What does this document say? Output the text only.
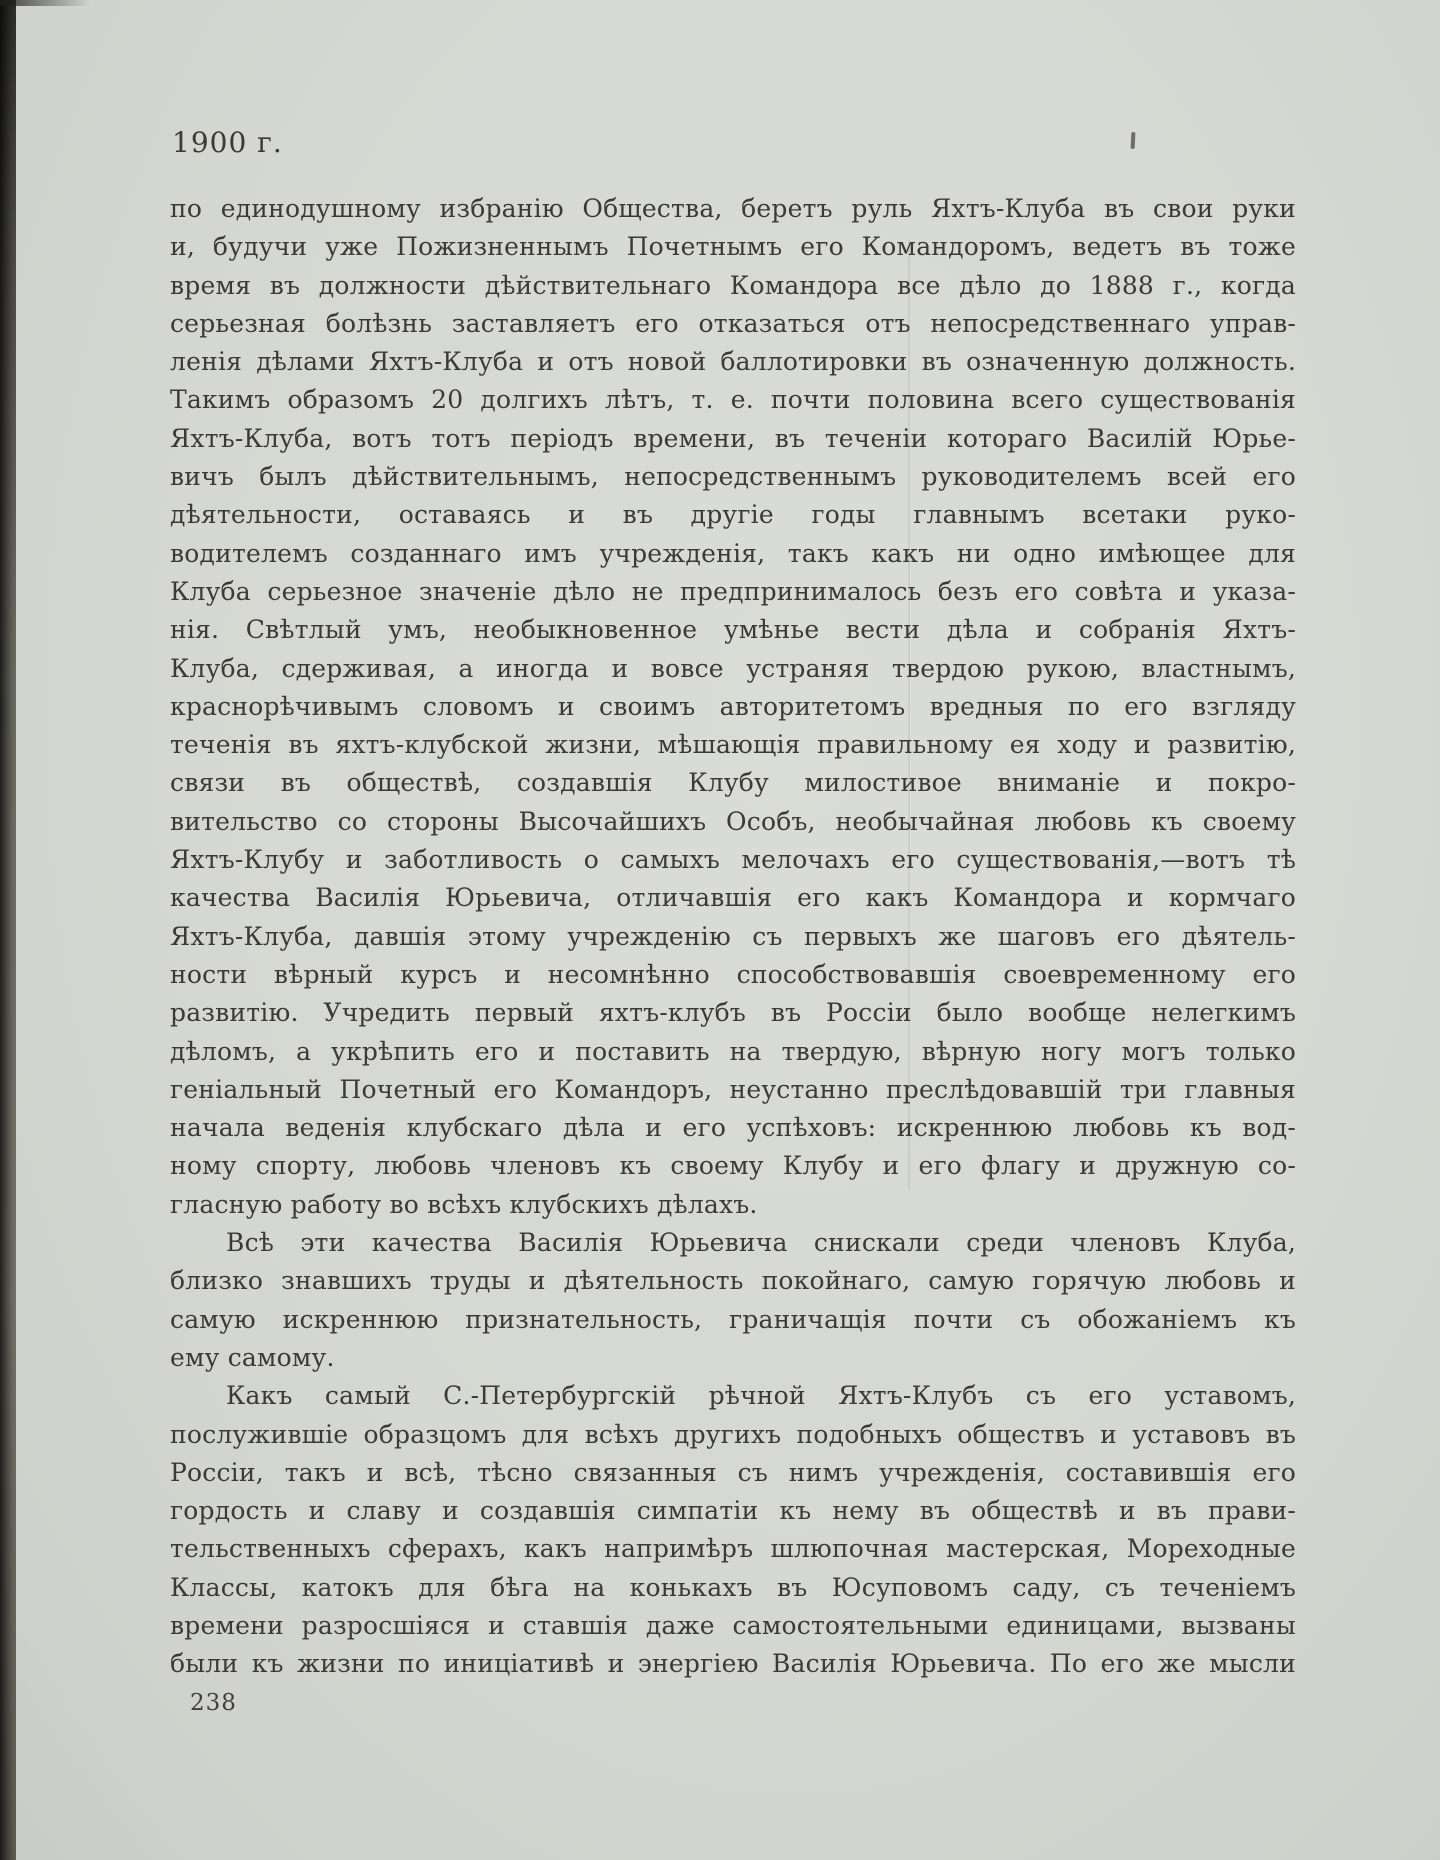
1900 г.
по единодушному избранію Общества, беретъ руль Яхтъ-Клуба въ свои руки
и, будучи уже Пожизненнымъ Почетнымъ его Командоромъ, ведетъ въ тоже
время въ должности дѣйствительнаго Командора все дѣло до 1888 г., когда
серьезная болѣзнь заставляетъ его отказаться отъ непосредственнаго управ-
ленія дѣлами Яхтъ-Клуба и отъ новой баллотировки въ означенную должность.
Такимъ образомъ 20 долгихъ лѣтъ, т. е. почти половина всего существованія
Яхтъ-Клуба, вотъ тотъ періодъ времени, въ теченіи котораго Василій Юрье-
вичъ былъ дѣйствительнымъ, непосредственнымъ руководителемъ всей его
дѣятельности, оставаясь и въ другіе годы главнымъ всетаки руко-
водителемъ созданнаго имъ учрежденія, такъ какъ ни одно имѣющее для
Клуба серьезное значеніе дѣло не предпринималось безъ его совѣта и указа-
нія. Свѣтлый умъ, необыкновенное умѣнье вести дѣла и собранія Яхтъ-
Клуба, сдерживая, а иногда и вовсе устраняя твердою рукою, властнымъ,
краснорѣчивымъ словомъ и своимъ авторитетомъ вредныя по его взгляду
теченія въ яхтъ-клубской жизни, мѣшающія правильному ея ходу и развитію,
связи въ обществѣ, создавшія Клубу милостивое вниманіе и покро-
вительство со стороны Высочайшихъ Особъ, необычайная любовь къ своему
Яхтъ-Клубу и заботливость о самыхъ мелочахъ его существованія,—вотъ тѣ
качества Василія Юрьевича, отличавшія его какъ Командора и кормчаго
Яхтъ-Клуба, давшія этому учрежденію съ первыхъ же шаговъ его дѣятель-
ности вѣрный курсъ и несомнѣнно способствовавшія своевременному его
развитію. Учредить первый яхтъ-клубъ въ Россіи было вообще нелегкимъ
дѣломъ, а укрѣпить его и поставить на твердую, вѣрную ногу могъ только
геніальный Почетный его Командоръ, неустанно преслѣдовавшій три главныя
начала веденія клубскаго дѣла и его успѣховъ: искреннюю любовь къ вод-
ному спорту, любовь членовъ къ своему Клубу и его флагу и дружную со-
гласную работу во всѣхъ клубскихъ дѣлахъ.
Всѣ эти качества Василія Юрьевича снискали среди членовъ Клуба,
близко знавшихъ труды и дѣятельность покойнаго, самую горячую любовь и
самую искреннюю признательность, граничащія почти съ обожаніемъ къ
ему самому.
Какъ самый С.-Петербургскій рѣчной Яхтъ-Клубъ съ его уставомъ,
послужившіе образцомъ для всѣхъ другихъ подобныхъ обществъ и уставовъ въ
Россіи, такъ и всѣ, тѣсно связанныя съ нимъ учрежденія, составившія его
гордость и славу и создавшія симпатіи къ нему въ обществѣ и въ прави-
тельственныхъ сферахъ, какъ напримѣръ шлюпочная мастерская, Мореходные
Классы, катокъ для бѣга на конькахъ въ Юсуповомъ саду, съ теченіемъ
времени разросшіяся и ставшія даже самостоятельными единицами, вызваны
были къ жизни по иниціативѣ и энергіею Василія Юрьевича. По его же мысли
238
